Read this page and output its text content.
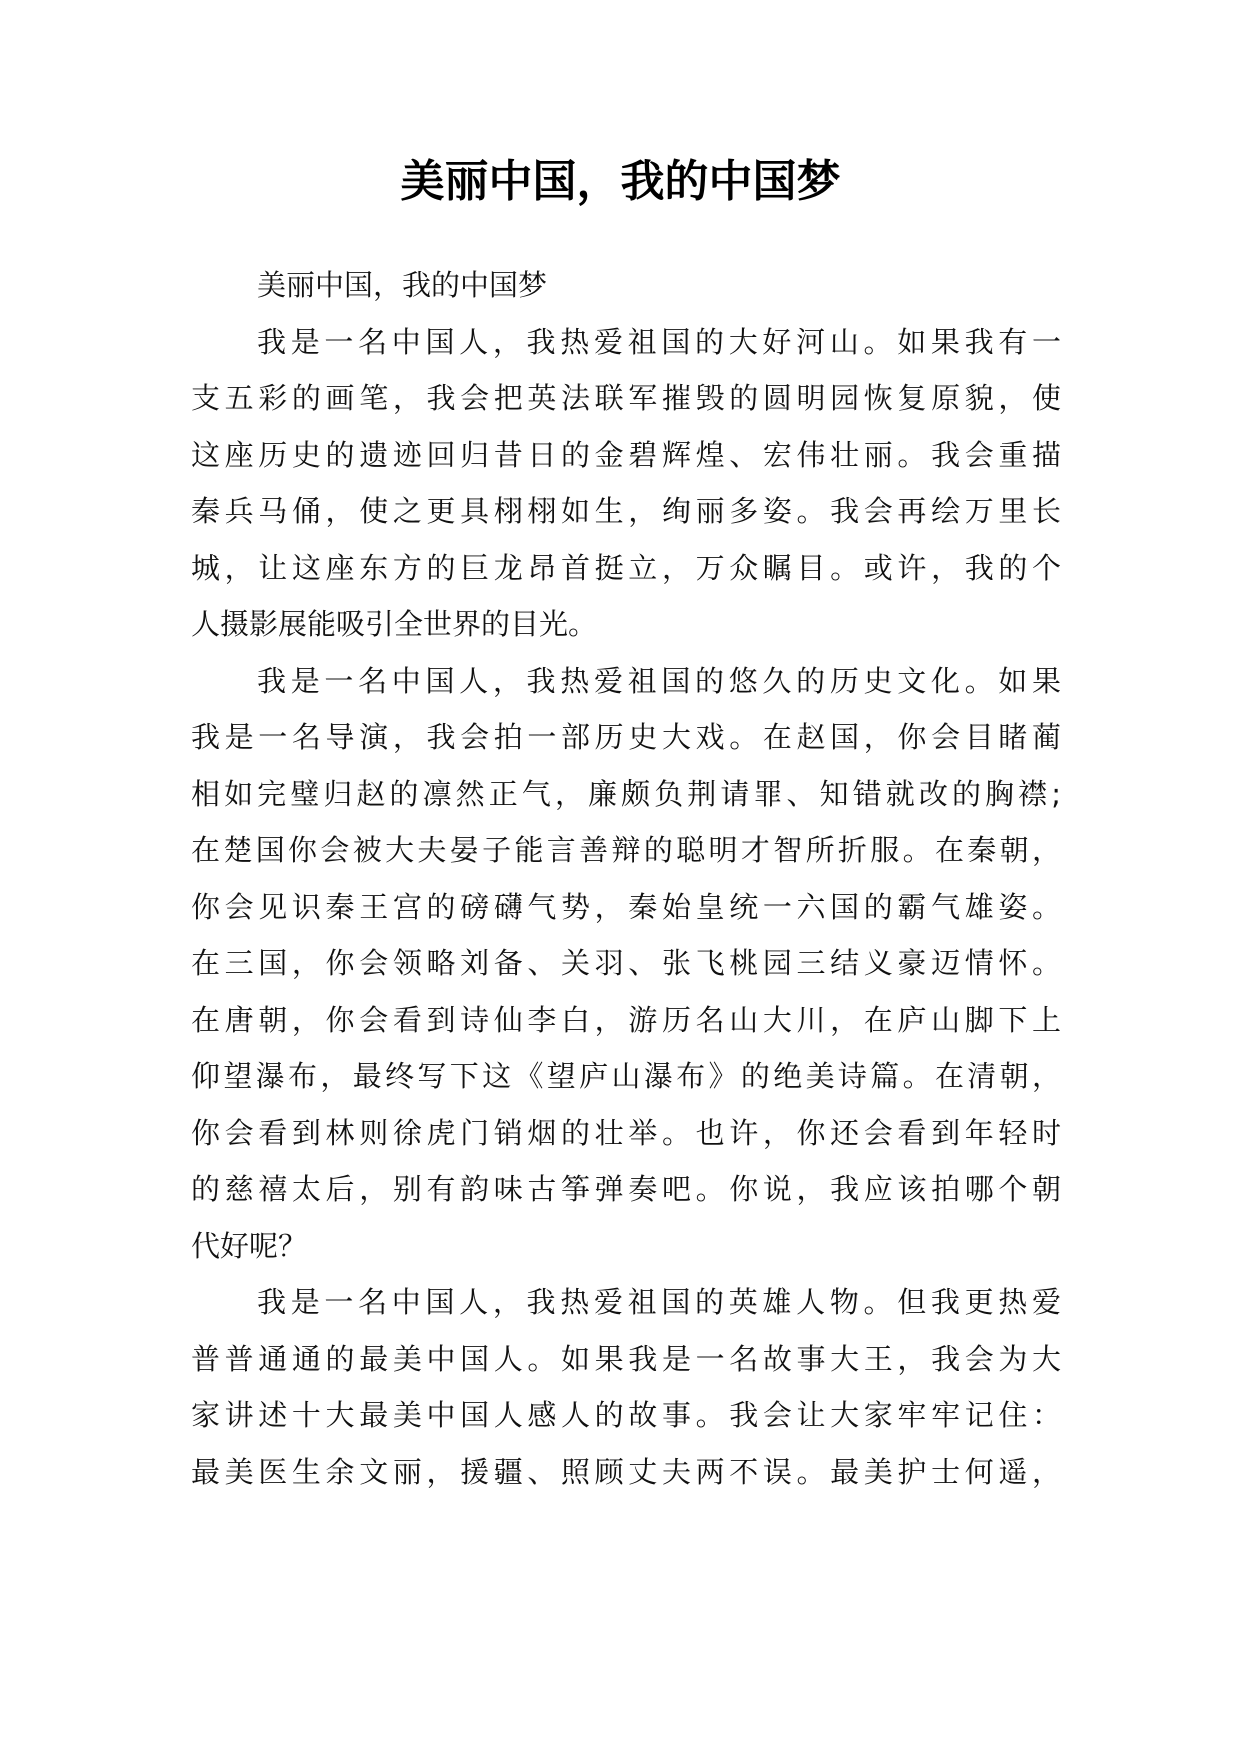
美丽中国，我的中国梦
美丽中国，我的中国梦
我是一名中国人，我热爱祖国的大好河山。如果我有一
支五彩的画笔，我会把英法联军摧毁的圆明园恢复原貌，使
这座历史的遗迹回归昔日的金碧辉煌、宏伟壮丽。我会重描
秦兵马俑，使之更具栩栩如生，绚丽多姿。我会再绘万里长
城，让这座东方的巨龙昂首挺立，万众瞩目。或许，我的个
人摄影展能吸引全世界的目光。
我是一名中国人，我热爱祖国的悠久的历史文化。如果
我是一名导演，我会拍一部历史大戏。在赵国，你会目睹蔺
相如完璧归赵的凛然正气，廉颇负荆请罪、知错就改的胸襟;
在楚国你会被大夫晏子能言善辩的聪明才智所折服。在秦朝，
你会见识秦王宫的磅礴气势，秦始皇统一六国的霸气雄姿。
在三国，你会领略刘备、关羽、张飞桃园三结义豪迈情怀。
在唐朝，你会看到诗仙李白，游历名山大川，在庐山脚下上
仰望瀑布，最终写下这《望庐山瀑布》的绝美诗篇。在清朝，
你会看到林则徐虎门销烟的壮举。也许，你还会看到年轻时
的慈禧太后，别有韵味古筝弹奏吧。你说，我应该拍哪个朝
代好呢？
我是一名中国人，我热爱祖国的英雄人物。但我更热爱
普普通通的最美中国人。如果我是一名故事大王，我会为大
家讲述十大最美中国人感人的故事。我会让大家牢牢记住：
最美医生余文丽，援疆、照顾丈夫两不误。最美护士何遥，
